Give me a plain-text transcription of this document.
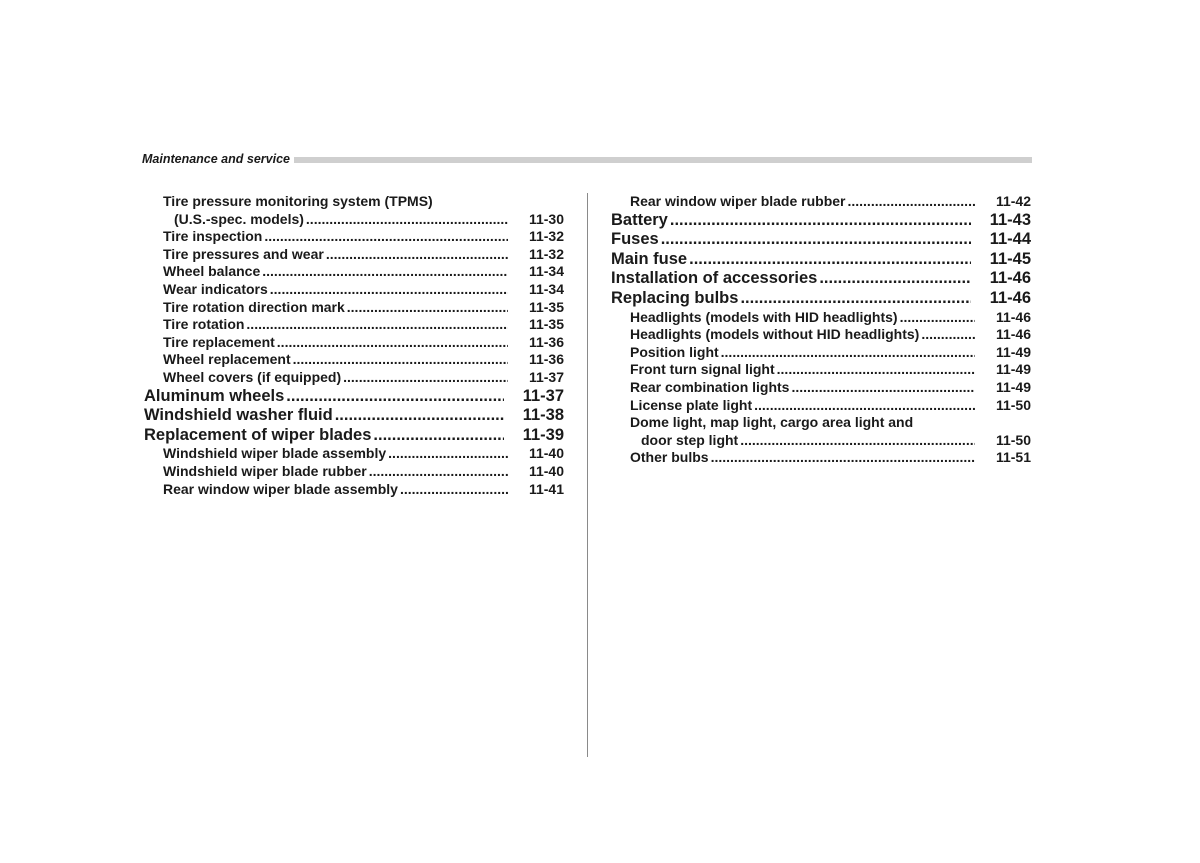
Maintenance and service
Tire pressure monitoring system (TPMS)
(U.S.-spec. models) .....	11-30
Tire inspection .....	11-32
Tire pressures and wear .....	11-32
Wheel balance .....	11-34
Wear indicators .....	11-34
Tire rotation direction mark .....	11-35
Tire rotation .....	11-35
Tire replacement .....	11-36
Wheel replacement .....	11-36
Wheel covers (if equipped) .....	11-37
Aluminum wheels .....	11-37
Windshield washer fluid .....	11-38
Replacement of wiper blades .....	11-39
Windshield wiper blade assembly .....	11-40
Windshield wiper blade rubber .....	11-40
Rear window wiper blade assembly .....	11-41
Rear window wiper blade rubber .....	11-42
Battery .....	11-43
Fuses .....	11-44
Main fuse .....	11-45
Installation of accessories .....	11-46
Replacing bulbs .....	11-46
Headlights (models with HID headlights) .....	11-46
Headlights (models without HID headlights) .....	11-46
Position light .....	11-49
Front turn signal light .....	11-49
Rear combination lights .....	11-49
License plate light .....	11-50
Dome light, map light, cargo area light and
door step light .....	11-50
Other bulbs .....	11-51
